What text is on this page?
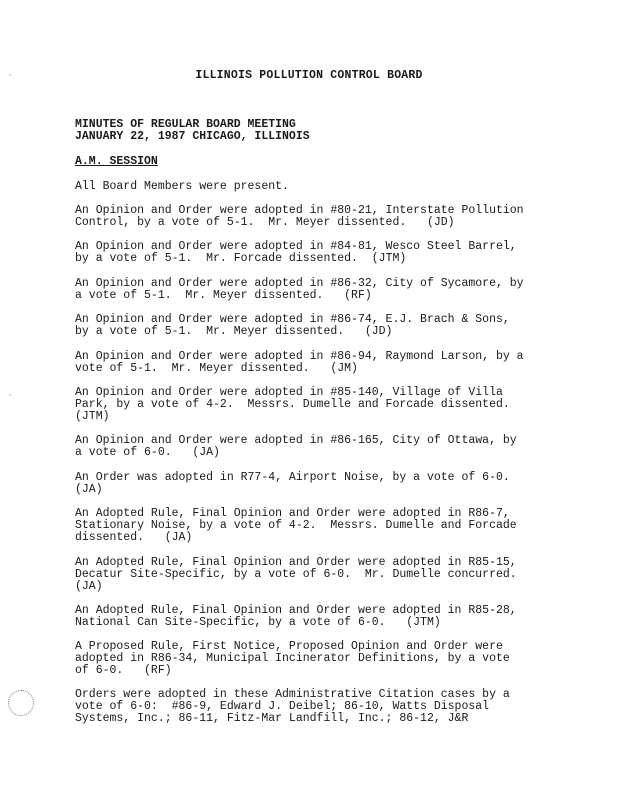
ILLINOIS POLLUTION CONTROL BOARD
MINUTES OF REGULAR BOARD MEETING
JANUARY 22, 1987 CHICAGO, ILLINOIS
A.M. SESSION
All Board Members were present.
An Opinion and Order were adopted in #80-21, Interstate Pollution
Control, by a vote of 5-1.  Mr. Meyer dissented.   (JD)
An Opinion and Order were adopted in #84-81, Wesco Steel Barrel,
by a vote of 5-1.  Mr. Forcade dissented.  (JTM)
An Opinion and Order were adopted in #86-32, City of Sycamore, by
a vote of 5-1.  Mr. Meyer dissented.   (RF)
An Opinion and Order were adopted in #86-74, E.J. Brach & Sons,
by a vote of 5-1.  Mr. Meyer dissented.   (JD)
An Opinion and Order were adopted in #86-94, Raymond Larson, by a
vote of 5-1.  Mr. Meyer dissented.   (JM)
An Opinion and Order were adopted in #85-140, Village of Villa
Park, by a vote of 4-2.  Messrs. Dumelle and Forcade dissented.
(JTM)
An Opinion and Order were adopted in #86-165, City of Ottawa, by
a vote of 6-0.   (JA)
An Order was adopted in R77-4, Airport Noise, by a vote of 6-0.
(JA)
An Adopted Rule, Final Opinion and Order were adopted in R86-7,
Stationary Noise, by a vote of 4-2.  Messrs. Dumelle and Forcade
dissented.   (JA)
An Adopted Rule, Final Opinion and Order were adopted in R85-15,
Decatur Site-Specific, by a vote of 6-0.  Mr. Dumelle concurred.
(JA)
An Adopted Rule, Final Opinion and Order were adopted in R85-28,
National Can Site-Specific, by a vote of 6-0.   (JTM)
A Proposed Rule, First Notice, Proposed Opinion and Order were
adopted in R86-34, Municipal Incinerator Definitions, by a vote
of 6-0.   (RF)
Orders were adopted in these Administrative Citation cases by a
vote of 6-0:  #86-9, Edward J. Deibel; 86-10, Watts Disposal
Systems, Inc.; 86-11, Fitz-Mar Landfill, Inc.; 86-12, J&R
·
·
